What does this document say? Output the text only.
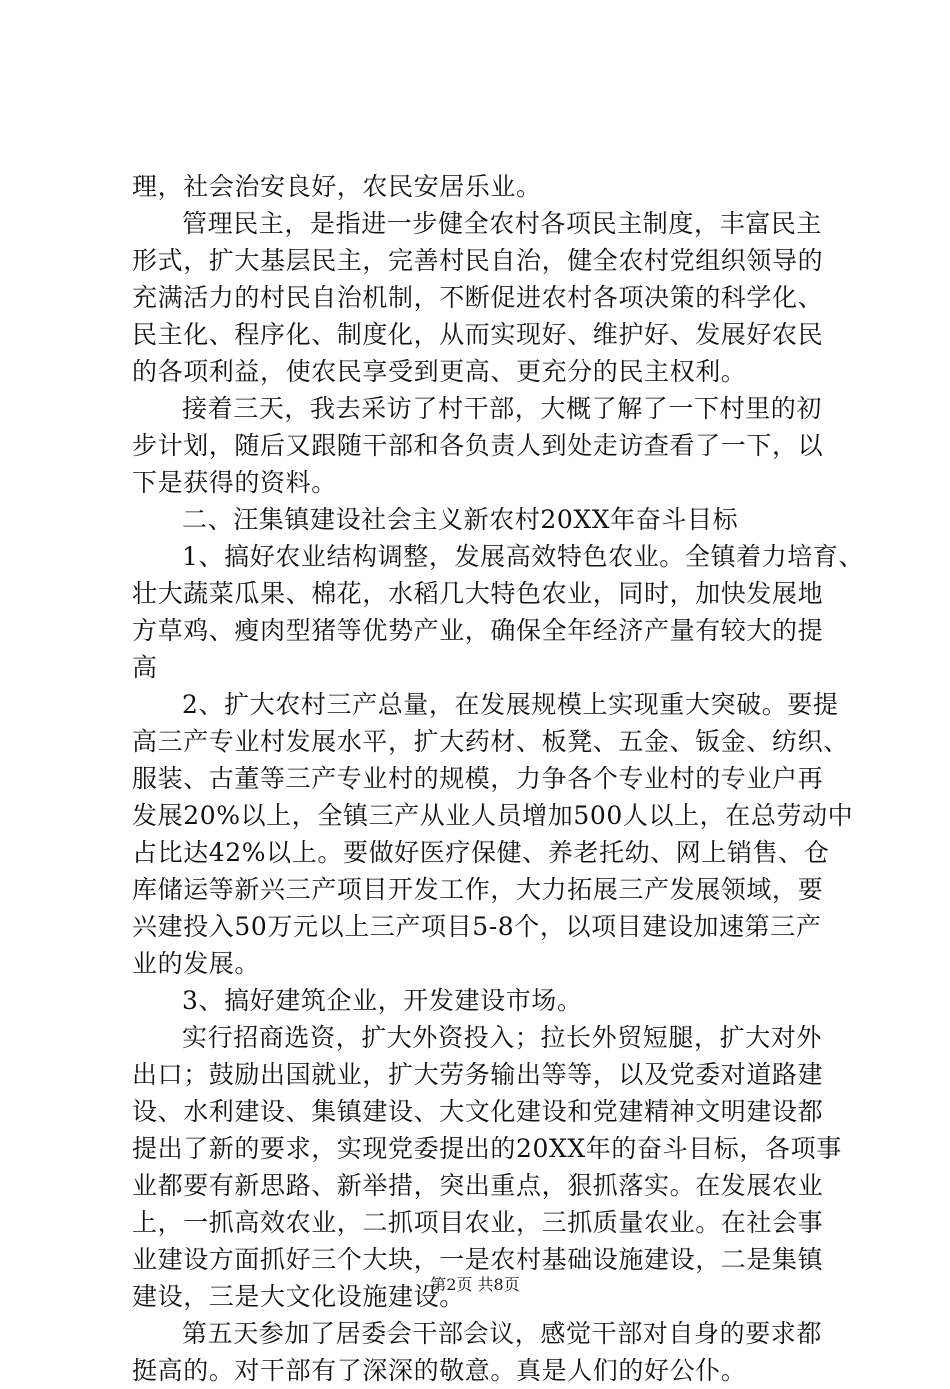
理，社会治安良好，农民安居乐业。
管理民主，是指进一步健全农村各项民主制度，丰富民主
形式，扩大基层民主，完善村民自治，健全农村党组织领导的
充满活力的村民自治机制，不断促进农村各项决策的科学化、
民主化、程序化、制度化，从而实现好、维护好、发展好农民
的各项利益，使农民享受到更高、更充分的民主权利。
接着三天，我去采访了村干部，大概了解了一下村里的初
步计划，随后又跟随干部和各负责人到处走访查看了一下，以
下是获得的资料。
二、汪集镇建设社会主义新农村20XX年奋斗目标
1、搞好农业结构调整，发展高效特色农业。全镇着力培育、
壮大蔬菜瓜果、棉花，水稻几大特色农业，同时，加快发展地
方草鸡、瘦肉型猪等优势产业，确保全年经济产量有较大的提
高
2、扩大农村三产总量，在发展规模上实现重大突破。要提
高三产专业村发展水平，扩大药材、板凳、五金、钣金、纺织、
服装、古董等三产专业村的规模，力争各个专业村的专业户再
发展20%以上，全镇三产从业人员增加500人以上，在总劳动中
占比达42%以上。要做好医疗保健、养老托幼、网上销售、仓
库储运等新兴三产项目开发工作，大力拓展三产发展领域，要
兴建投入50万元以上三产项目5-8个，以项目建设加速第三产
业的发展。
3、搞好建筑企业，开发建设市场。
实行招商选资，扩大外资投入；拉长外贸短腿，扩大对外
出口；鼓励出国就业，扩大劳务输出等等，以及党委对道路建
设、水利建设、集镇建设、大文化建设和党建精神文明建设都
提出了新的要求，实现党委提出的20XX年的奋斗目标，各项事
业都要有新思路、新举措，突出重点，狠抓落实。在发展农业
上，一抓高效农业，二抓项目农业，三抓质量农业。在社会事
业建设方面抓好三个大块，一是农村基础设施建设，二是集镇
建设，三是大文化设施建设。
第五天参加了居委会干部会议，感觉干部对自身的要求都
挺高的。对干部有了深深的敬意。真是人们的好公仆。
第2页 共8页
